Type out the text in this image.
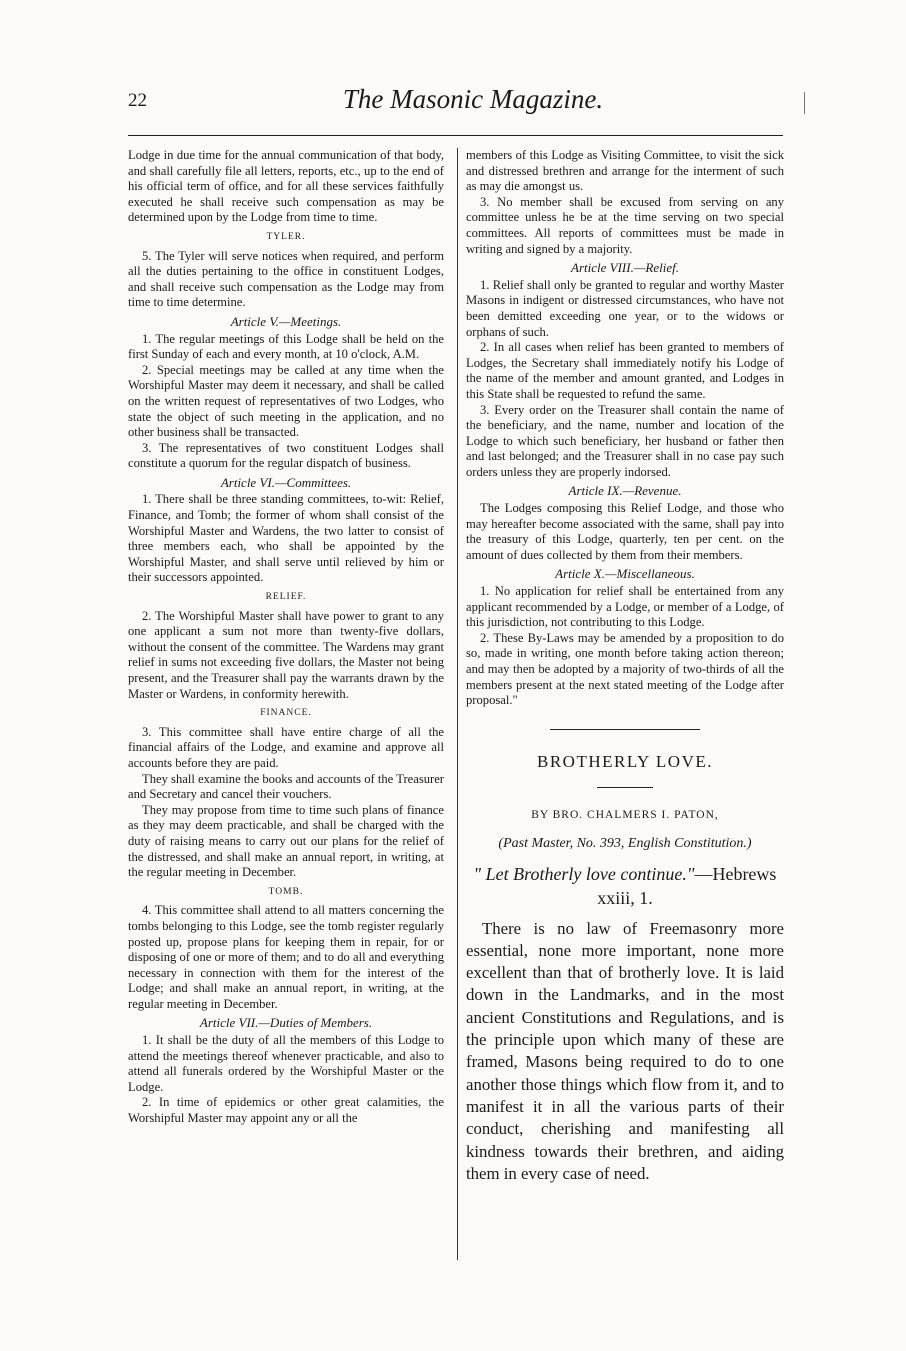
22	The Masonic Magazine.

Lodge in due time for the annual communication of that body, and shall carefully file all letters, reports, etc., up to the end of his official term of office, and for all these services faithfully executed he shall receive such compensation as may be determined upon by the Lodge from time to time.

TYLER.

5. The Tyler will serve notices when required, and perform all the duties pertaining to the office in constituent Lodges, and shall receive such compensation as the Lodge may from time to time determine.

Article V.—Meetings.

1. The regular meetings of this Lodge shall be held on the first Sunday of each and every month, at 10 o'clock, A.M.

2. Special meetings may be called at any time when the Worshipful Master may deem it necessary, and shall be called on the written request of representatives of two Lodges, who state the object of such meeting in the application, and no other business shall be transacted.

3. The representatives of two constituent Lodges shall constitute a quorum for the regular dispatch of business.

Article VI.—Committees.

1. There shall be three standing committees, to-wit: Relief, Finance, and Tomb; the former of whom shall consist of the Worshipful Master and Wardens, the two latter to consist of three members each, who shall be appointed by the Worshipful Master, and shall serve until relieved by him or their successors appointed.

RELIEF.

2. The Worshipful Master shall have power to grant to any one applicant a sum not more than twenty-five dollars, without the consent of the committee. The Wardens may grant relief in sums not exceeding five dollars, the Master not being present, and the Treasurer shall pay the warrants drawn by the Master or Wardens, in conformity herewith.

FINANCE.

3. This committee shall have entire charge of all the financial affairs of the Lodge, and examine and approve all accounts before they are paid.

They shall examine the books and accounts of the Treasurer and Secretary and cancel their vouchers.

They may propose from time to time such plans of finance as they may deem practicable, and shall be charged with the duty of raising means to carry out our plans for the relief of the distressed, and shall make an annual report, in writing, at the regular meeting in December.

TOMB.

4. This committee shall attend to all matters concerning the tombs belonging to this Lodge, see the tomb register regularly posted up, propose plans for keeping them in repair, for or disposing of one or more of them; and to do all and everything necessary in connection with them for the interest of the Lodge; and shall make an annual report, in writing, at the regular meeting in December.

Article VII.—Duties of Members.

1. It shall be the duty of all the members of this Lodge to attend the meetings thereof whenever practicable, and also to attend all funerals ordered by the Worshipful Master or the Lodge.

2. In time of epidemics or other great calamities, the Worshipful Master may appoint any or all the

members of this Lodge as Visiting Committee, to visit the sick and distressed brethren and arrange for the interment of such as may die amongst us.

3. No member shall be excused from serving on any committee unless he be at the time serving on two special committees. All reports of committees must be made in writing and signed by a majority.

Article VIII.—Relief.

1. Relief shall only be granted to regular and worthy Master Masons in indigent or distressed circumstances, who have not been demitted exceeding one year, or to the widows or orphans of such.

2. In all cases when relief has been granted to members of Lodges, the Secretary shall immediately notify his Lodge of the name of the member and amount granted, and Lodges in this State shall be requested to refund the same.

3. Every order on the Treasurer shall contain the name of the beneficiary, and the name, number and location of the Lodge to which such beneficiary, her husband or father then and last belonged; and the Treasurer shall in no case pay such orders unless they are properly indorsed.

Article IX.—Revenue.

The Lodges composing this Relief Lodge, and those who may hereafter become associated with the same, shall pay into the treasury of this Lodge, quarterly, ten per cent. on the amount of dues collected by them from their members.

Article X.—Miscellaneous.

1. No application for relief shall be entertained from any applicant recommended by a Lodge, or member of a Lodge, of this jurisdiction, not contributing to this Lodge.

2. These By-Laws may be amended by a proposition to do so, made in writing, one month before taking action thereon; and may then be adopted by a majority of two-thirds of all the members present at the next stated meeting of the Lodge after proposal."

BROTHERLY LOVE.
BY BRO. CHALMERS I. PATON,
(Past Master, No. 393, English Constitution.)
" Let Brotherly love continue."—Hebrews xxiii, 1.

There is no law of Freemasonry more essential, none more important, none more excellent than that of brotherly love. It is laid down in the Landmarks, and in the most ancient Constitutions and Regulations, and is the principle upon which many of these are framed, Masons being required to do to one another those things which flow from it, and to manifest it in all the various parts of their conduct, cherishing and manifesting all kindness towards their brethren, and aiding them in every case of need.
